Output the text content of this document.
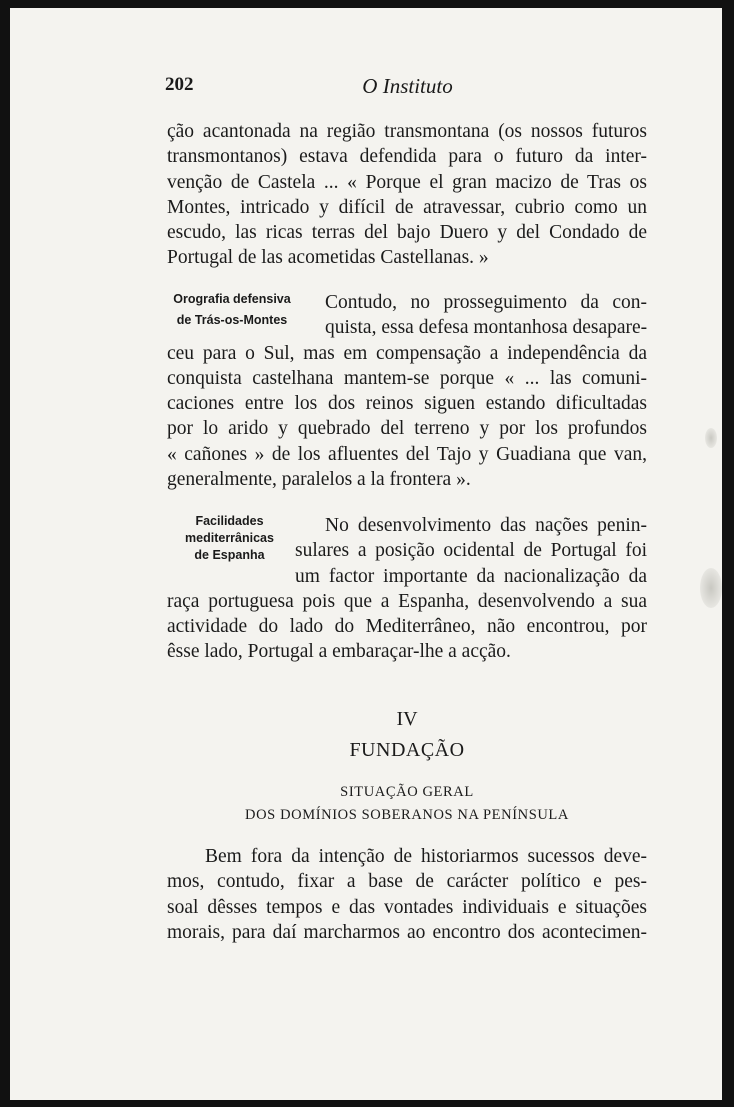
202	O Instituto
ção acantonada na região transmontana (os nossos futuros
transmontanos) estava defendida para o futuro da inter-
venção de Castela ... « Porque el gran macizo de Tras os
Montes, intricado y difícil de atravessar, cubrio como un
escudo, las ricas terras del bajo Duero y del Condado de
Portugal de las acometidas Castellanas. »
Orografia defensiva
de Trás-os-Montes
Contudo, no prosseguimento da con-
quista, essa defesa montanhosa desapare-
ceu para o Sul, mas em compensação a independência da
conquista castelhana mantem-se porque « ... las comuni-
caciones entre los dos reinos siguen estando dificultadas
por lo arido y quebrado del terreno y por los profundos
« cañones » de los afluentes del Tajo y Guadiana que van,
generalmente, paralelos a la frontera ».
Facilidades
mediterrânicas
de Espanha
No desenvolvimento das nações penin-
sulares a posição ocidental de Portugal foi
um factor importante da nacionalização da
raça portuguesa pois que a Espanha, desenvolvendo a sua
actividade do lado do Mediterrâneo, não encontrou, por
êsse lado, Portugal a embaraçar-lhe a acção.
IV
FUNDAÇÃO
SITUAÇÃO GERAL
DOS DOMÍNIOS SOBERANOS NA PENÍNSULA
Bem fora da intenção de historiarmos sucessos deve-
mos, contudo, fixar a base de carácter político e pes-
soal dêsses tempos e das vontades individuais e situações
morais, para daí marcharmos ao encontro dos acontecimen-
